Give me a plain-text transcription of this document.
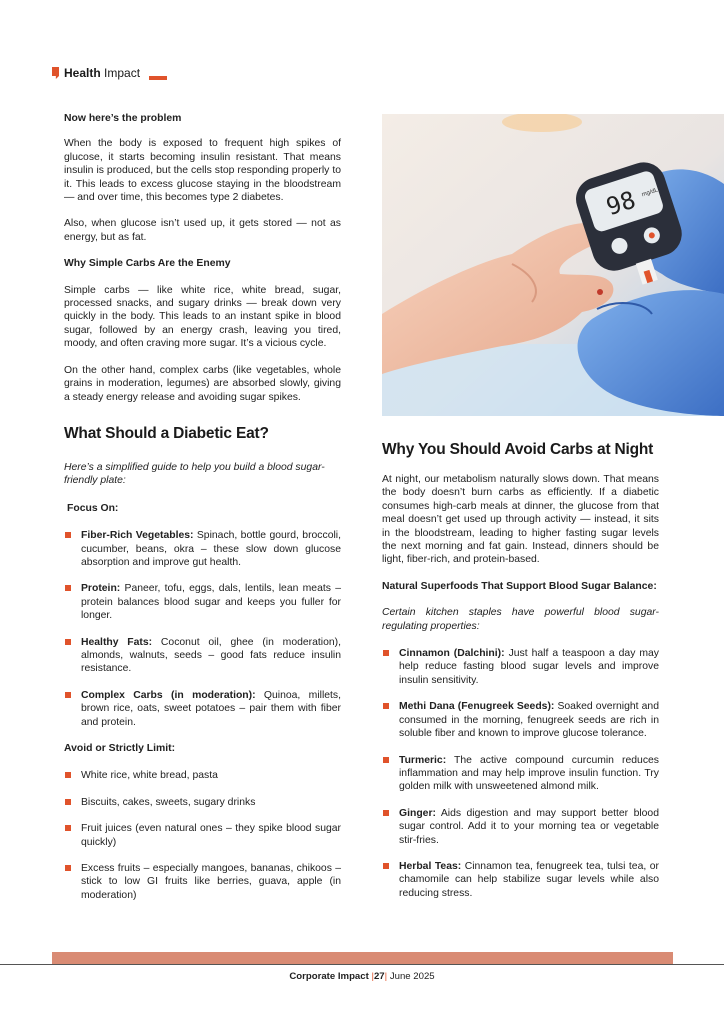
Health Impact
Now here’s the problem

When the body is exposed to frequent high spikes of glucose, it starts becoming insulin resistant. That means insulin is produced, but the cells stop responding properly to it. This leads to excess glucose staying in the bloodstream — and over time, this becomes type 2 diabetes.

Also, when glucose isn’t used up, it gets stored — not as energy, but as fat.

Why Simple Carbs Are the Enemy

Simple carbs — like white rice, white bread, sugar, processed snacks, and sugary drinks — break down very quickly in the body. This leads to an instant spike in blood sugar, followed by an energy crash, leaving you tired, moody, and often craving more sugar. It’s a vicious cycle.

On the other hand, complex carbs (like vegetables, whole grains in moderation, legumes) are absorbed slowly, giving a steady energy release and avoiding sugar spikes.

What Should a Diabetic Eat?

Here’s a simplified guide to help you build a blood sugar-friendly plate:

Focus On:
Fiber-Rich Vegetables: Spinach, bottle gourd, broccoli, cucumber, beans, okra – these slow down glucose absorption and improve gut health.
Protein: Paneer, tofu, eggs, dals, lentils, lean meats – protein balances blood sugar and keeps you fuller for longer.
Healthy Fats: Coconut oil, ghee (in moderation), almonds, walnuts, seeds – good fats reduce insulin resistance.
Complex Carbs (in moderation): Quinoa, millets, brown rice, oats, sweet potatoes – pair them with fiber and protein.
Avoid or Strictly Limit:
White rice, white bread, pasta
Biscuits, cakes, sweets, sugary drinks
Fruit juices (even natural ones – they spike blood sugar quickly)
Excess fruits – especially mangoes, bananas, chikoos – stick to low GI fruits like berries, guava, apple (in moderation)
98 mg/dL
Why You Should Avoid Carbs at Night

At night, our metabolism naturally slows down. That means the body doesn’t burn carbs as efficiently. If a diabetic consumes high-carb meals at dinner, the glucose from that meal doesn’t get used up through activity — instead, it sits in the bloodstream, leading to higher fasting sugar levels the next morning and fat gain. Instead, dinners should be light, fiber-rich, and protein-based.

Natural Superfoods That Support Blood Sugar Balance:

Certain kitchen staples have powerful blood sugar-regulating properties:

Cinnamon (Dalchini): Just half a teaspoon a day may help reduce fasting blood sugar levels and improve insulin sensitivity.
Methi Dana (Fenugreek Seeds): Soaked overnight and consumed in the morning, fenugreek seeds are rich in soluble fiber and known to improve glucose tolerance.
Turmeric: The active compound curcumin reduces inflammation and may help improve insulin function. Try golden milk with unsweetened almond milk.
Ginger: Aids digestion and may support better blood sugar control. Add it to your morning tea or vegetable stir-fries.
Herbal Teas: Cinnamon tea, fenugreek tea, tulsi tea, or chamomile can help stabilize sugar levels while also reducing stress.
Corporate Impact |27| June 2025
